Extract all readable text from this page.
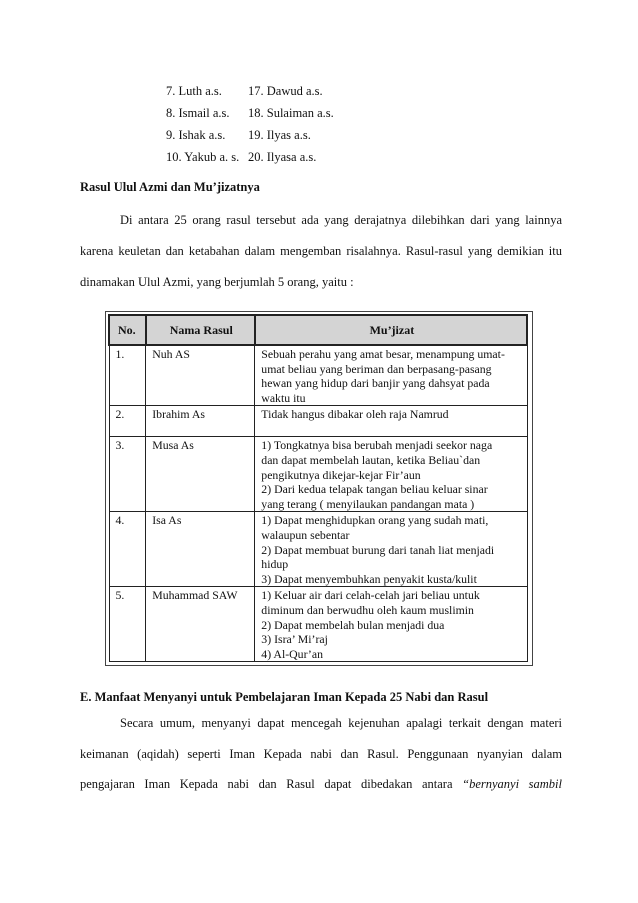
7. Luth a.s. 17. Dawud a.s.
8. Ismail a.s. 18. Sulaiman a.s.
9. Ishak a.s. 19. Ilyas a.s.
10. Yakub a. s. 20. Ilyasa a.s.
Rasul Ulul Azmi dan Mu’jizatnya
Di antara 25 orang rasul tersebut ada yang derajatnya dilebihkan dari yang lainnya
karena keuletan dan ketabahan dalam mengemban risalahnya. Rasul-rasul yang demikian itu
dinamakan Ulul Azmi, yang berjumlah 5 orang, yaitu :
No.	Nama Rasul	Mu’jizat
1.	Nuh AS	Sebuah perahu yang amat besar, menampung umat-
umat beliau yang beriman dan berpasang-pasang
hewan yang hidup dari banjir yang dahsyat pada
waktu itu

2.	Ibrahim As	Tidak hangus dibakar oleh raja Namrud

3.	Musa As	1) Tongkatnya bisa berubah menjadi seekor naga
dan dapat membelah lautan, ketika Beliau`dan
pengikutnya dikejar-kejar Fir’aun
2) Dari kedua telapak tangan beliau keluar sinar
yang terang ( menyilaukan pandangan mata )

4.	Isa As	1) Dapat menghidupkan orang yang sudah mati,
walaupun sebentar
2) Dapat membuat burung dari tanah liat menjadi
hidup
3) Dapat menyembuhkan penyakit kusta/kulit

5.	Muhammad SAW	1) Keluar air dari celah-celah jari beliau untuk
diminum dan berwudhu oleh kaum muslimin
2) Dapat membelah bulan menjadi dua
3) Isra’ Mi’raj
4) Al-Qur’an
E. Manfaat Menyanyi untuk Pembelajaran Iman Kepada 25 Nabi dan Rasul
Secara umum, menyanyi dapat mencegah kejenuhan apalagi terkait dengan materi
keimanan (aqidah) seperti Iman Kepada nabi dan Rasul. Penggunaan nyanyian dalam
pengajaran Iman Kepada nabi dan Rasul dapat dibedakan antara “bernyanyi sambil
